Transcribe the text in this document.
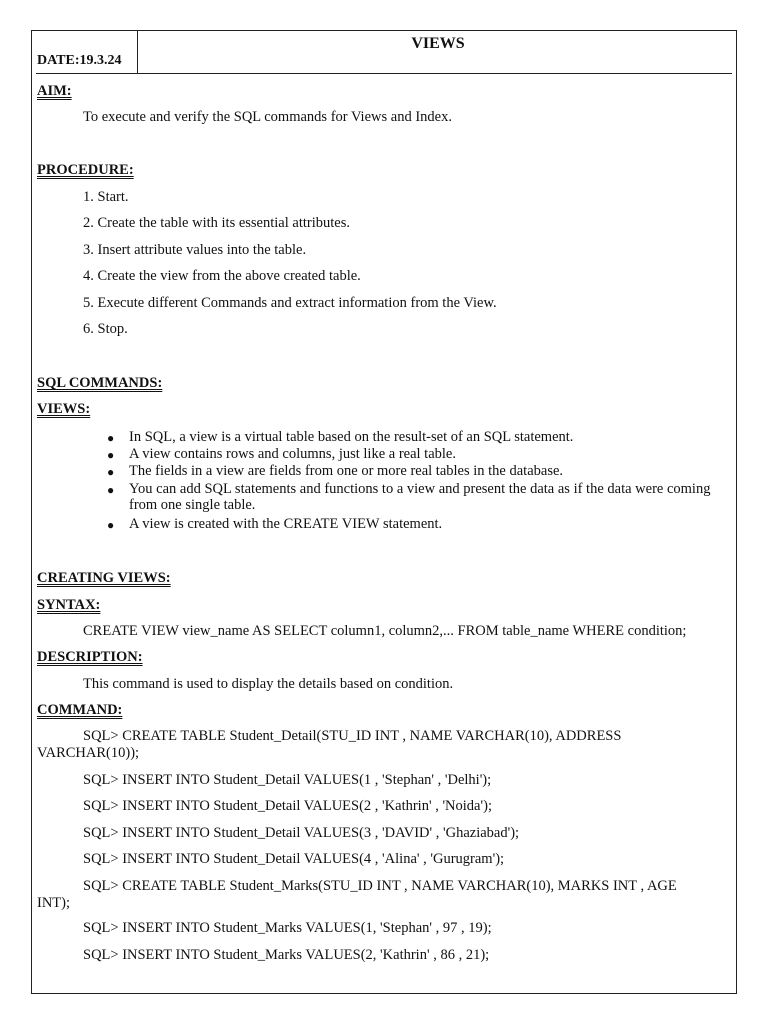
DATE:19.3.24
VIEWS
AIM:
To execute and verify the SQL commands for Views and Index.
PROCEDURE:
1. Start.
2. Create the table with its essential attributes.
3. Insert attribute values into the table.
4. Create the view from the above created table.
5. Execute different Commands and extract information from the View.
6. Stop.
SQL COMMANDS:
VIEWS:
●	In SQL, a view is a virtual table based on the result-set of an SQL statement.
●	A view contains rows and columns, just like a real table.
●	The fields in a view are fields from one or more real tables in the database.
●	You can add SQL statements and functions to a view and present the data as if the data were coming from one single table.
●	A view is created with the CREATE VIEW statement.
CREATING VIEWS:
SYNTAX:
CREATE VIEW view_name AS SELECT column1, column2,... FROM table_name WHERE condition;
DESCRIPTION:
This command is used to display the details based on condition.
COMMAND:
SQL> CREATE TABLE Student_Detail(STU_ID INT , NAME VARCHAR(10), ADDRESS
VARCHAR(10));
SQL> INSERT INTO Student_Detail VALUES(1 , 'Stephan' , 'Delhi');
SQL> INSERT INTO Student_Detail VALUES(2 , 'Kathrin' , 'Noida');
SQL> INSERT INTO Student_Detail VALUES(3 , 'DAVID' , 'Ghaziabad');
SQL> INSERT INTO Student_Detail VALUES(4 , 'Alina' , 'Gurugram');
SQL> CREATE TABLE Student_Marks(STU_ID INT , NAME VARCHAR(10), MARKS INT , AGE
INT);
SQL> INSERT INTO Student_Marks VALUES(1, 'Stephan' , 97 , 19);
SQL> INSERT INTO Student_Marks VALUES(2, 'Kathrin' , 86 , 21);
